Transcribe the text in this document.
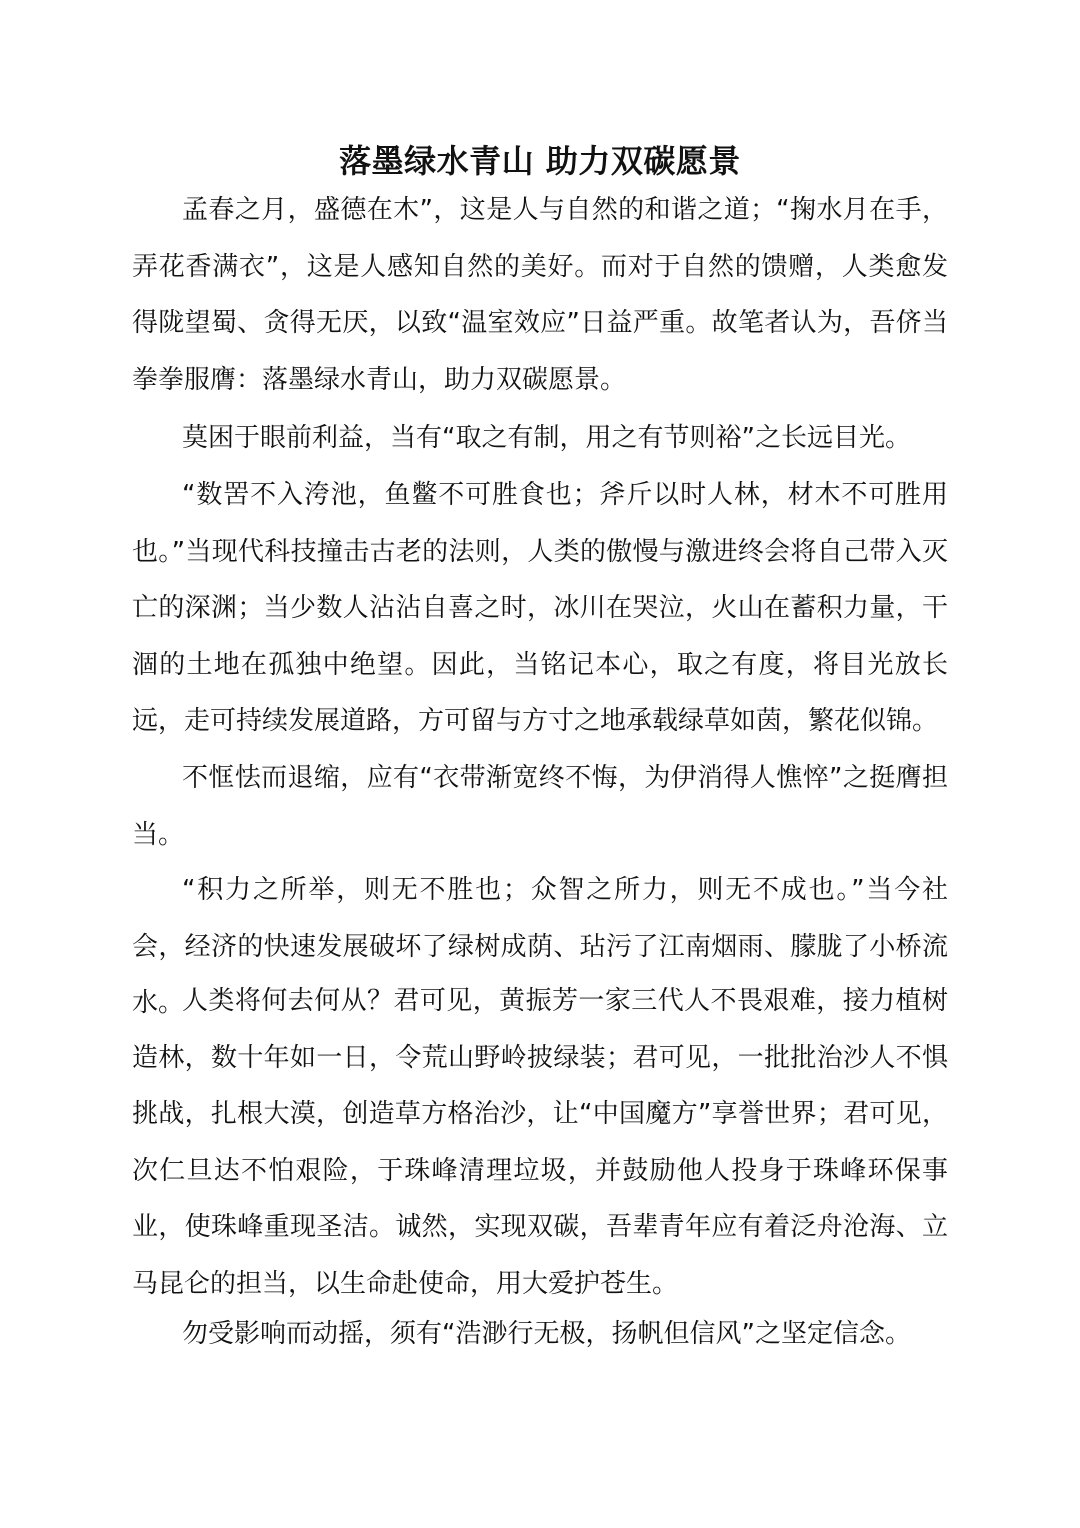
落墨绿水青山 助力双碳愿景

孟春之月，盛德在木”，这是人与自然的和谐之道；“掬水月在手，弄花香满衣”，这是人感知自然的美好。而对于自然的馈赠，人类愈发得陇望蜀、贪得无厌，以致“温室效应”日益严重。故笔者认为，吾侪当拳拳服膺：落墨绿水青山，助力双碳愿景。

莫困于眼前利益，当有“取之有制，用之有节则裕”之长远目光。

“数罟不入洿池，鱼鳖不可胜食也；斧斤以时人林，材木不可胜用也。”当现代科技撞击古老的法则，人类的傲慢与激进终会将自己带入灭亡的深渊；当少数人沾沾自喜之时，冰川在哭泣，火山在蓄积力量，干涸的土地在孤独中绝望。因此，当铭记本心，取之有度，将目光放长远，走可持续发展道路，方可留与方寸之地承载绿草如茵，繁花似锦。

不恇怯而退缩，应有“衣带渐宽终不悔，为伊消得人憔悴”之挺膺担当。

“积力之所举，则无不胜也；众智之所力，则无不成也。”当今社会，经济的快速发展破坏了绿树成荫、玷污了江南烟雨、朦胧了小桥流水。

人类将何去何从？君可见，黄振芳一家三代人不畏艰难，接力植树造林，数十年如一日，令荒山野岭披绿装；君可见，一批批治沙人不惧挑战，扎根大漠，创造草方格治沙，让“中国魔方”享誉世界；君可见，次仁旦达不怕艰险，于珠峰清理垃圾，并鼓励他人投身于珠峰环保事业，使珠峰重现圣洁。诚然，实现双碳，吾辈青年应有着泛舟沧海、立马昆仑的担当，以生命赴使命，用大爱护苍生。

勿受影响而动摇，须有“浩渺行无极，扬帆但信风”之坚定信念。
